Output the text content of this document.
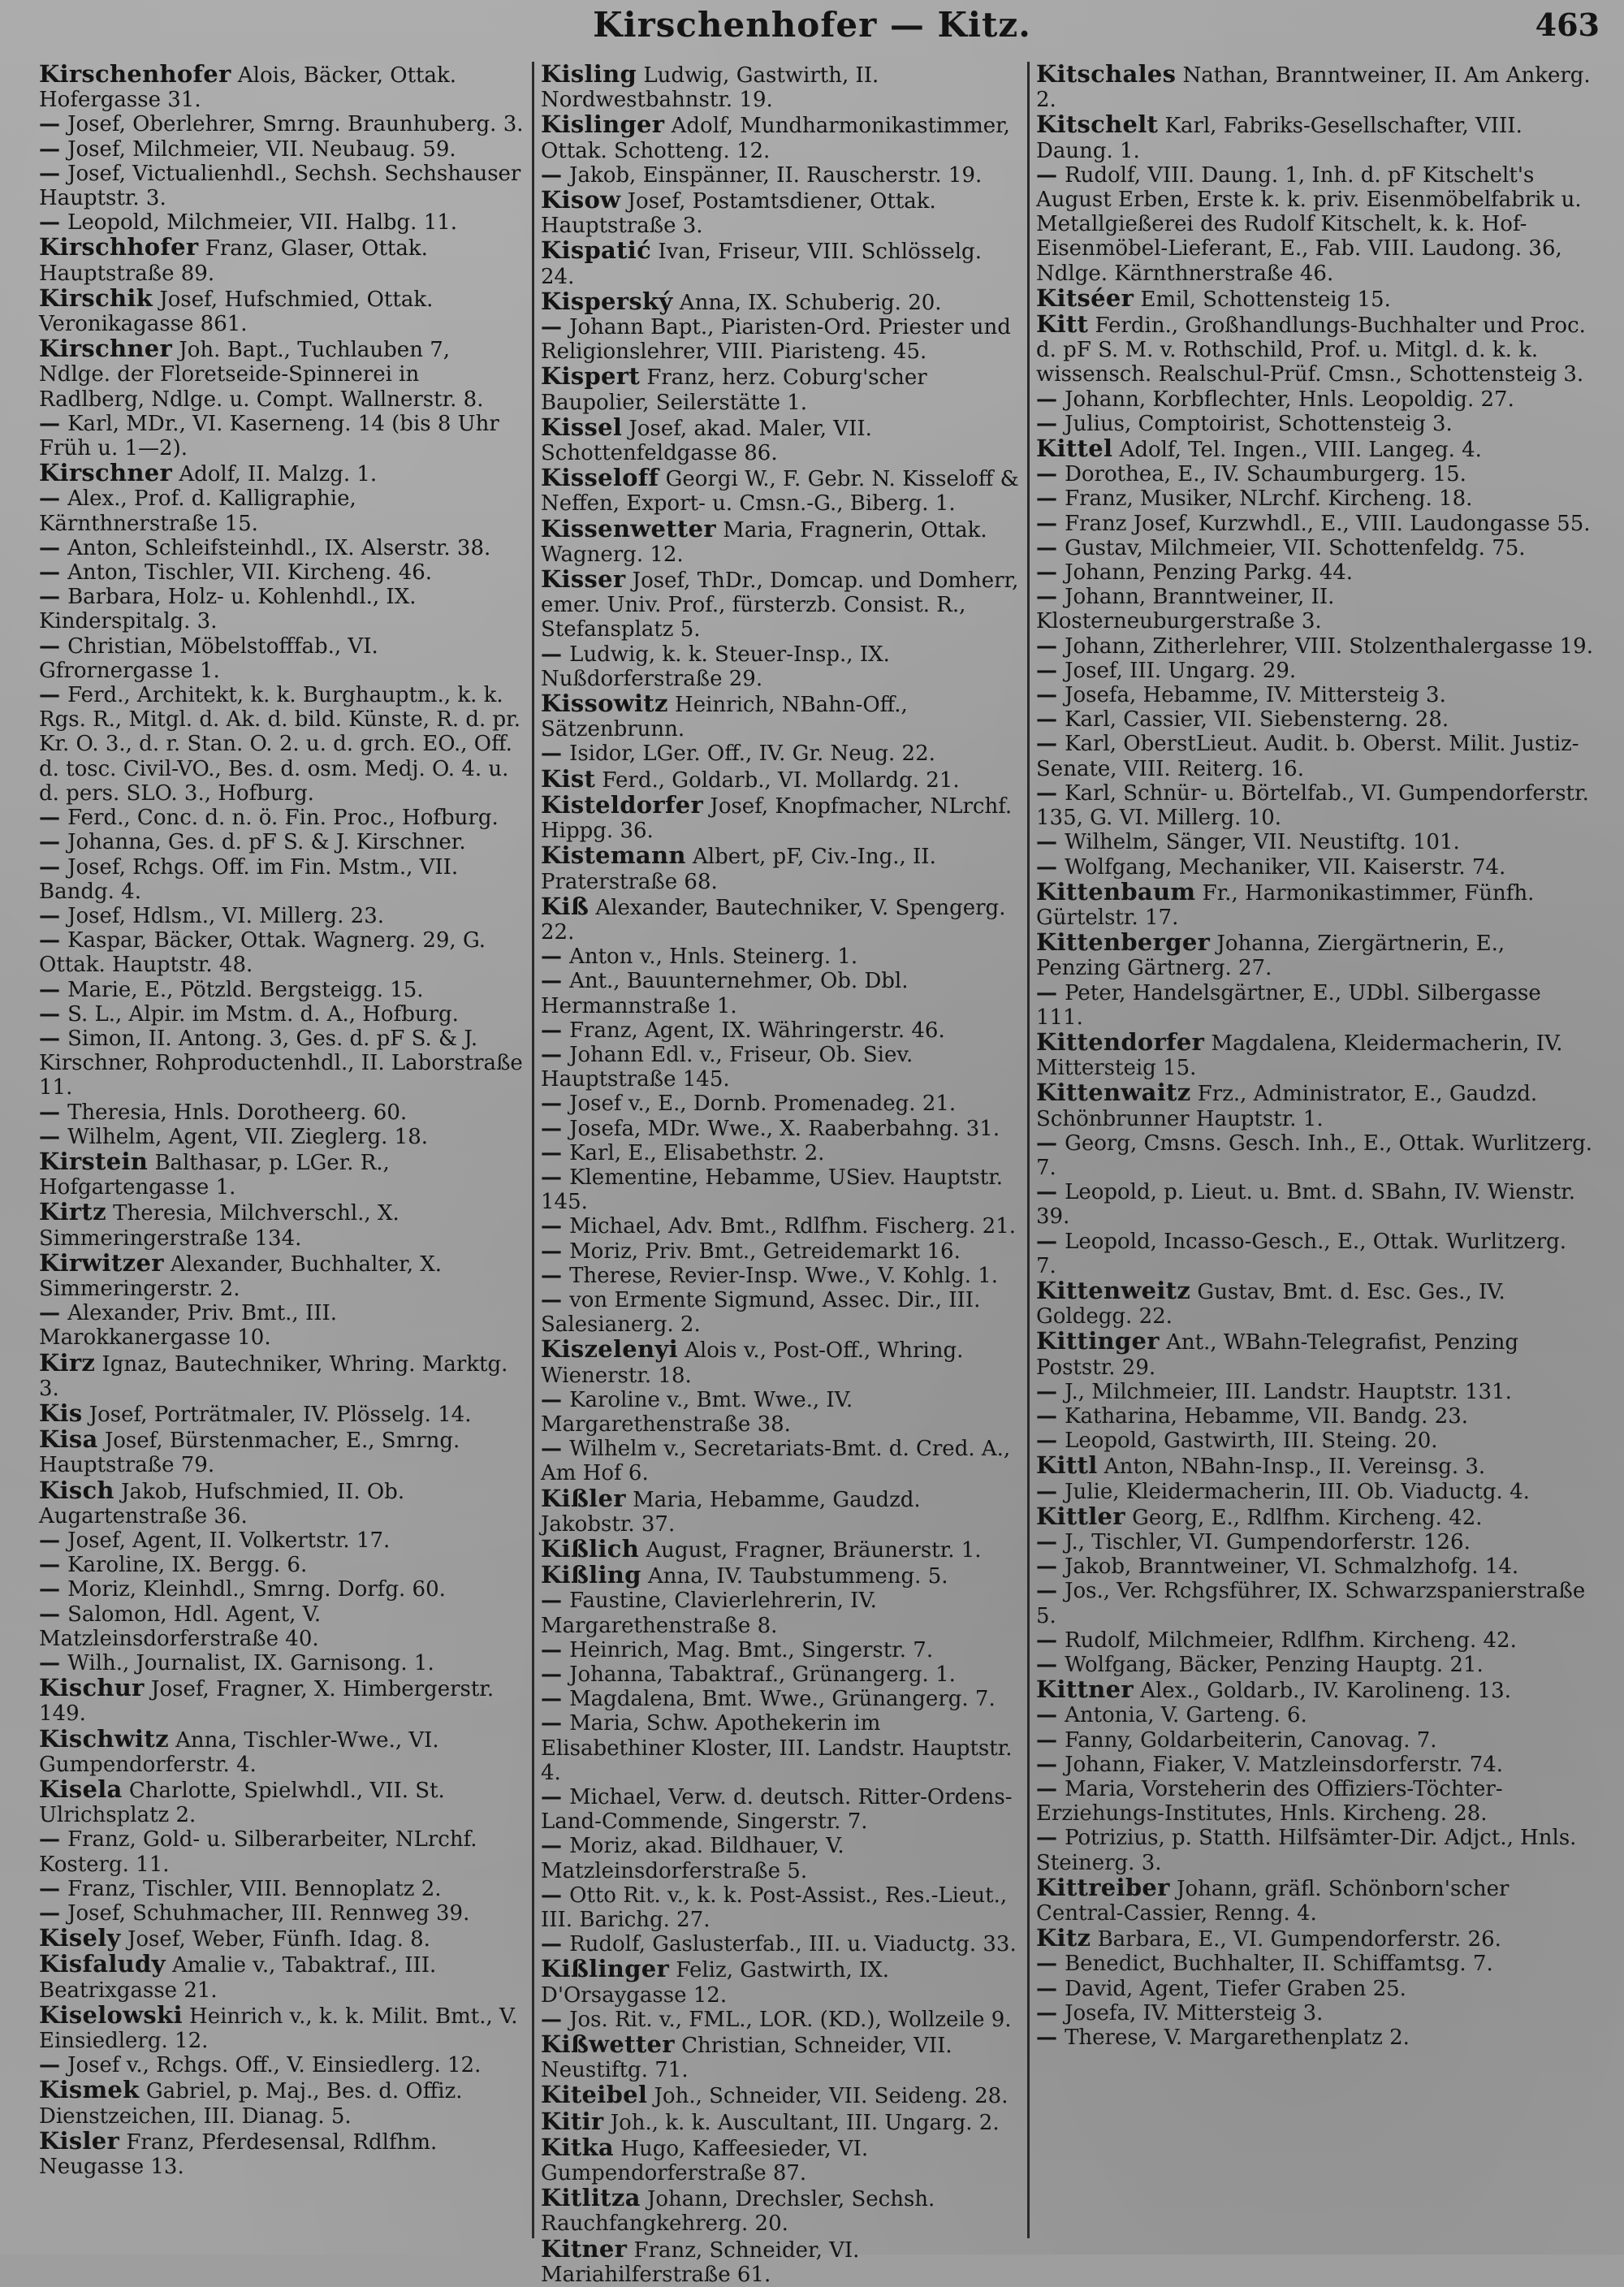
Kirschenhofer — Kitz.	463
Kirschenhofer Alois, Bäcker, Ottak. Hofergasse 31.
— Josef, Oberlehrer, Smrng. Braunhuberg. 3.
— Josef, Milchmeier, VII. Neubaug. 59.
— Josef, Victualienhdl., Sechsh. Sechshauser Hauptstr. 3.
— Leopold, Milchmeier, VII. Halbg. 11.
Kirschhofer Franz, Glaser, Ottak. Hauptstraße 89.
Kirschik Josef, Hufschmied, Ottak. Veronikagasse 861.
Kirschner Joh. Bapt., Tuchlauben 7, Ndlge. der Floretseide-Spinnerei in Radlberg, Ndlge. u. Compt. Wallnerstr. 8.
— Karl, MDr., VI. Kaserneng. 14 (bis 8 Uhr Früh u. 1—2).
Kirschner Adolf, II. Malzg. 1.
— Alex., Prof. d. Kalligraphie, Kärnthnerstraße 15.
— Anton, Schleifsteinhdl., IX. Alserstr. 38.
— Anton, Tischler, VII. Kircheng. 46.
— Barbara, Holz- u. Kohlenhdl., IX. Kinderspitalg. 3.
— Christian, Möbelstofffab., VI. Gfrornergasse 1.
— Ferd., Architekt, k. k. Burghauptm., k. k. Rgs. R., Mitgl. d. Ak. d. bild. Künste, R. d. pr. Kr. O. 3., d. r. Stan. O. 2. u. d. grch. EO., Off. d. tosc. Civil-VO., Bes. d. osm. Medj. O. 4. u. d. pers. SLO. 3., Hofburg.
— Ferd., Conc. d. n. ö. Fin. Proc., Hofburg.
— Johanna, Ges. d. pF S. & J. Kirschner.
— Josef, Rchgs. Off. im Fin. Mstm., VII. Bandg. 4.
— Josef, Hdlsm., VI. Millerg. 23.
— Kaspar, Bäcker, Ottak. Wagnerg. 29, G. Ottak. Hauptstr. 48.
— Marie, E., Pötzld. Bergsteigg. 15.
— S. L., Alpir. im Mstm. d. A., Hofburg.
— Simon, II. Antong. 3, Ges. d. pF S. & J. Kirschner, Rohproductenhdl., II. Laborstraße 11.
— Theresia, Hnls. Dorotheerg. 60.
— Wilhelm, Agent, VII. Zieglerg. 18.
Kirstein Balthasar, p. LGer. R., Hofgartengasse 1.
Kirtz Theresia, Milchverschl., X. Simmeringerstraße 134.
Kirwitzer Alexander, Buchhalter, X. Simmeringerstr. 2.
— Alexander, Priv. Bmt., III. Marokkanergasse 10.
Kirz Ignaz, Bautechniker, Whring. Marktg. 3.
Kis Josef, Porträtmaler, IV. Plösselg. 14.
Kisa Josef, Bürstenmacher, E., Smrng. Hauptstraße 79.
Kisch Jakob, Hufschmied, II. Ob. Augartenstraße 36.
— Josef, Agent, II. Volkertstr. 17.
— Karoline, IX. Bergg. 6.
— Moriz, Kleinhdl., Smrng. Dorfg. 60.
— Salomon, Hdl. Agent, V. Matzleinsdorferstraße 40.
— Wilh., Journalist, IX. Garnisong. 1.
Kischur Josef, Fragner, X. Himbergerstr. 149.
Kischwitz Anna, Tischler-Wwe., VI. Gumpendorferstr. 4.
Kisela Charlotte, Spielwhdl., VII. St. Ulrichsplatz 2.
— Franz, Gold- u. Silberarbeiter, NLrchf. Kosterg. 11.
— Franz, Tischler, VIII. Bennoplatz 2.
— Josef, Schuhmacher, III. Rennweg 39.
Kisely Josef, Weber, Fünfh. Idag. 8.
Kisfaludy Amalie v., Tabaktraf., III. Beatrixgasse 21.
Kiselowski Heinrich v., k. k. Milit. Bmt., V. Einsiedlerg. 12.
— Josef v., Rchgs. Off., V. Einsiedlerg. 12.
Kismek Gabriel, p. Maj., Bes. d. Offiz. Dienstzeichen, III. Dianag. 5.
Kisler Franz, Pferdesensal, Rdlfhm. Neugasse 13.
Kisling Ludwig, Gastwirth, II. Nordwestbahnstr. 19.
Kislinger Adolf, Mundharmonikastimmer, Ottak. Schotteng. 12.
— Jakob, Einspänner, II. Rauscherstr. 19.
Kisow Josef, Postamtsdiener, Ottak. Hauptstraße 3.
Kispatić Ivan, Friseur, VIII. Schlösselg. 24.
Kisperský Anna, IX. Schuberig. 20.
— Johann Bapt., Piaristen-Ord. Priester und Religionslehrer, VIII. Piaristeng. 45.
Kispert Franz, herz. Coburg'scher Baupolier, Seilerstätte 1.
Kissel Josef, akad. Maler, VII. Schottenfeldgasse 86.
Kisseloff Georgi W., F. Gebr. N. Kisseloff & Neffen, Export- u. Cmsn.-G., Biberg. 1.
Kissenwetter Maria, Fragnerin, Ottak. Wagnerg. 12.
Kisser Josef, ThDr., Domcap. und Domherr, emer. Univ. Prof., fürsterzb. Consist. R., Stefansplatz 5.
— Ludwig, k. k. Steuer-Insp., IX. Nußdorferstraße 29.
Kissowitz Heinrich, NBahn-Off., Sätzenbrunn.
— Isidor, LGer. Off., IV. Gr. Neug. 22.
Kist Ferd., Goldarb., VI. Mollardg. 21.
Kisteldorfer Josef, Knopfmacher, NLrchf. Hippg. 36.
Kistemann Albert, pF, Civ.-Ing., II. Praterstraße 68.
Kiß Alexander, Bautechniker, V. Spengerg. 22.
— Anton v., Hnls. Steinerg. 1.
— Ant., Bauunternehmer, Ob. Dbl. Hermannstraße 1.
— Franz, Agent, IX. Währingerstr. 46.
— Johann Edl. v., Friseur, Ob. Siev. Hauptstraße 145.
— Josef v., E., Dornb. Promenadeg. 21.
— Josefa, MDr. Wwe., X. Raaberbahng. 31.
— Karl, E., Elisabethstr. 2.
— Klementine, Hebamme, USiev. Hauptstr. 145.
— Michael, Adv. Bmt., Rdlfhm. Fischerg. 21.
— Moriz, Priv. Bmt., Getreidemarkt 16.
— Therese, Revier-Insp. Wwe., V. Kohlg. 1.
— von Ermente Sigmund, Assec. Dir., III. Salesianerg. 2.
Kiszelenyi Alois v., Post-Off., Whring. Wienerstr. 18.
— Karoline v., Bmt. Wwe., IV. Margarethenstraße 38.
— Wilhelm v., Secretariats-Bmt. d. Cred. A., Am Hof 6.
Kißler Maria, Hebamme, Gaudzd. Jakobstr. 37.
Kißlich August, Fragner, Bräunerstr. 1.
Kißling Anna, IV. Taubstummeng. 5.
— Faustine, Clavierlehrerin, IV. Margarethenstraße 8.
— Heinrich, Mag. Bmt., Singerstr. 7.
— Johanna, Tabaktraf., Grünangerg. 1.
— Magdalena, Bmt. Wwe., Grünangerg. 7.
— Maria, Schw. Apothekerin im Elisabethiner Kloster, III. Landstr. Hauptstr. 4.
— Michael, Verw. d. deutsch. Ritter-Ordens-Land-Commende, Singerstr. 7.
— Moriz, akad. Bildhauer, V. Matzleinsdorferstraße 5.
— Otto Rit. v., k. k. Post-Assist., Res.-Lieut., III. Barichg. 27.
— Rudolf, Gaslusterfab., III. u. Viaductg. 33.
Kißlinger Feliz, Gastwirth, IX. D'Orsaygasse 12.
— Jos. Rit. v., FML., LOR. (KD.), Wollzeile 9.
Kißwetter Christian, Schneider, VII. Neustiftg. 71.
Kiteibel Joh., Schneider, VII. Seideng. 28.
Kitir Joh., k. k. Auscultant, III. Ungarg. 2.
Kitka Hugo, Kaffeesieder, VI. Gumpendorferstraße 87.
Kitlitza Johann, Drechsler, Sechsh. Rauchfangkehrerg. 20.
Kitner Franz, Schneider, VI. Mariahilferstraße 61.
Kitschales Nathan, Branntweiner, II. Am Ankerg. 2.
Kitschelt Karl, Fabriks-Gesellschafter, VIII. Daung. 1.
— Rudolf, VIII. Daung. 1, Inh. d. pF Kitschelt's August Erben, Erste k. k. priv. Eisenmöbelfabrik u. Metallgießerei des Rudolf Kitschelt, k. k. Hof-Eisenmöbel-Lieferant, E., Fab. VIII. Laudong. 36, Ndlge. Kärnthnerstraße 46.
Kitséer Emil, Schottensteig 15.
Kitt Ferdin., Großhandlungs-Buchhalter und Proc. d. pF S. M. v. Rothschild, Prof. u. Mitgl. d. k. k. wissensch. Realschul-Prüf. Cmsn., Schottensteig 3.
— Johann, Korbflechter, Hnls. Leopoldig. 27.
— Julius, Comptoirist, Schottensteig 3.
Kittel Adolf, Tel. Ingen., VIII. Langeg. 4.
— Dorothea, E., IV. Schaumburgerg. 15.
— Franz, Musiker, NLrchf. Kircheng. 18.
— Franz Josef, Kurzwhdl., E., VIII. Laudongasse 55.
— Gustav, Milchmeier, VII. Schottenfeldg. 75.
— Johann, Penzing Parkg. 44.
— Johann, Branntweiner, II. Klosterneuburgerstraße 3.
— Johann, Zitherlehrer, VIII. Stolzenthalergasse 19.
— Josef, III. Ungarg. 29.
— Josefa, Hebamme, IV. Mittersteig 3.
— Karl, Cassier, VII. Siebensterng. 28.
— Karl, OberstLieut. Audit. b. Oberst. Milit. Justiz-Senate, VIII. Reiterg. 16.
— Karl, Schnür- u. Börtelfab., VI. Gumpendorferstr. 135, G. VI. Millerg. 10.
— Wilhelm, Sänger, VII. Neustiftg. 101.
— Wolfgang, Mechaniker, VII. Kaiserstr. 74.
Kittenbaum Fr., Harmonikastimmer, Fünfh. Gürtelstr. 17.
Kittenberger Johanna, Ziergärtnerin, E., Penzing Gärtnerg. 27.
— Peter, Handelsgärtner, E., UDbl. Silbergasse 111.
Kittendorfer Magdalena, Kleidermacherin, IV. Mittersteig 15.
Kittenwaitz Frz., Administrator, E., Gaudzd. Schönbrunner Hauptstr. 1.
— Georg, Cmsns. Gesch. Inh., E., Ottak. Wurlitzerg. 7.
— Leopold, p. Lieut. u. Bmt. d. SBahn, IV. Wienstr. 39.
— Leopold, Incasso-Gesch., E., Ottak. Wurlitzerg. 7.
Kittenweitz Gustav, Bmt. d. Esc. Ges., IV. Goldegg. 22.
Kittinger Ant., WBahn-Telegrafist, Penzing Poststr. 29.
— J., Milchmeier, III. Landstr. Hauptstr. 131.
— Katharina, Hebamme, VII. Bandg. 23.
— Leopold, Gastwirth, III. Steing. 20.
Kittl Anton, NBahn-Insp., II. Vereinsg. 3.
— Julie, Kleidermacherin, III. Ob. Viaductg. 4.
Kittler Georg, E., Rdlfhm. Kircheng. 42.
— J., Tischler, VI. Gumpendorferstr. 126.
— Jakob, Branntweiner, VI. Schmalzhofg. 14.
— Jos., Ver. Rchgsführer, IX. Schwarzspanierstraße 5.
— Rudolf, Milchmeier, Rdlfhm. Kircheng. 42.
— Wolfgang, Bäcker, Penzing Hauptg. 21.
Kittner Alex., Goldarb., IV. Karolineng. 13.
— Antonia, V. Garteng. 6.
— Fanny, Goldarbeiterin, Canovag. 7.
— Johann, Fiaker, V. Matzleinsdorferstr. 74.
— Maria, Vorsteherin des Offiziers-Töchter-Erziehungs-Institutes, Hnls. Kircheng. 28.
— Potrizius, p. Statth. Hilfsämter-Dir. Adjct., Hnls. Steinerg. 3.
Kittreiber Johann, gräfl. Schönborn'scher Central-Cassier, Renng. 4.
Kitz Barbara, E., VI. Gumpendorferstr. 26.
— Benedict, Buchhalter, II. Schiffamtsg. 7.
— David, Agent, Tiefer Graben 25.
— Josefa, IV. Mittersteig 3.
— Therese, V. Margarethenplatz 2.
